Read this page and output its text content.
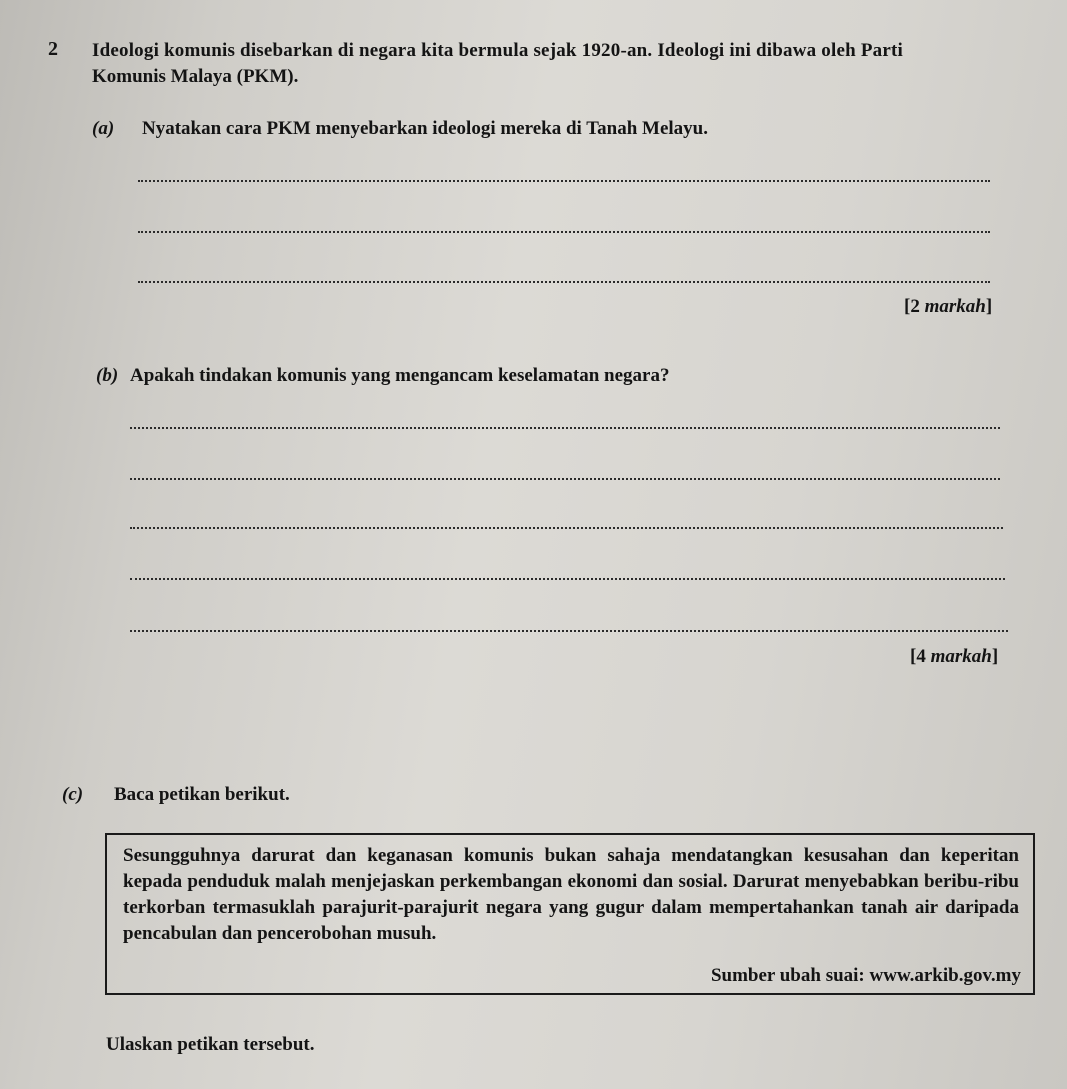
2 Ideologi komunis disebarkan di negara kita bermula sejak 1920-an. Ideologi ini dibawa oleh Parti
Komunis Malaya (PKM).
(a) Nyatakan cara PKM menyebarkan ideologi mereka di Tanah Melayu.
[2 markah]
(b) Apakah tindakan komunis yang mengancam keselamatan negara?
[4 markah]
(c) Baca petikan berikut.
Sesungguhnya darurat dan keganasan komunis bukan sahaja mendatangkan kesusahan dan keperitan kepada penduduk malah menjejaskan perkembangan ekonomi dan sosial. Darurat menyebabkan beribu-ribu terkorban termasuklah parajurit-parajurit negara yang gugur dalam mempertahankan tanah air daripada pencabulan dan pencerobohan musuh.
Sumber ubah suai: www.arkib.gov.my
Ulaskan petikan tersebut.
